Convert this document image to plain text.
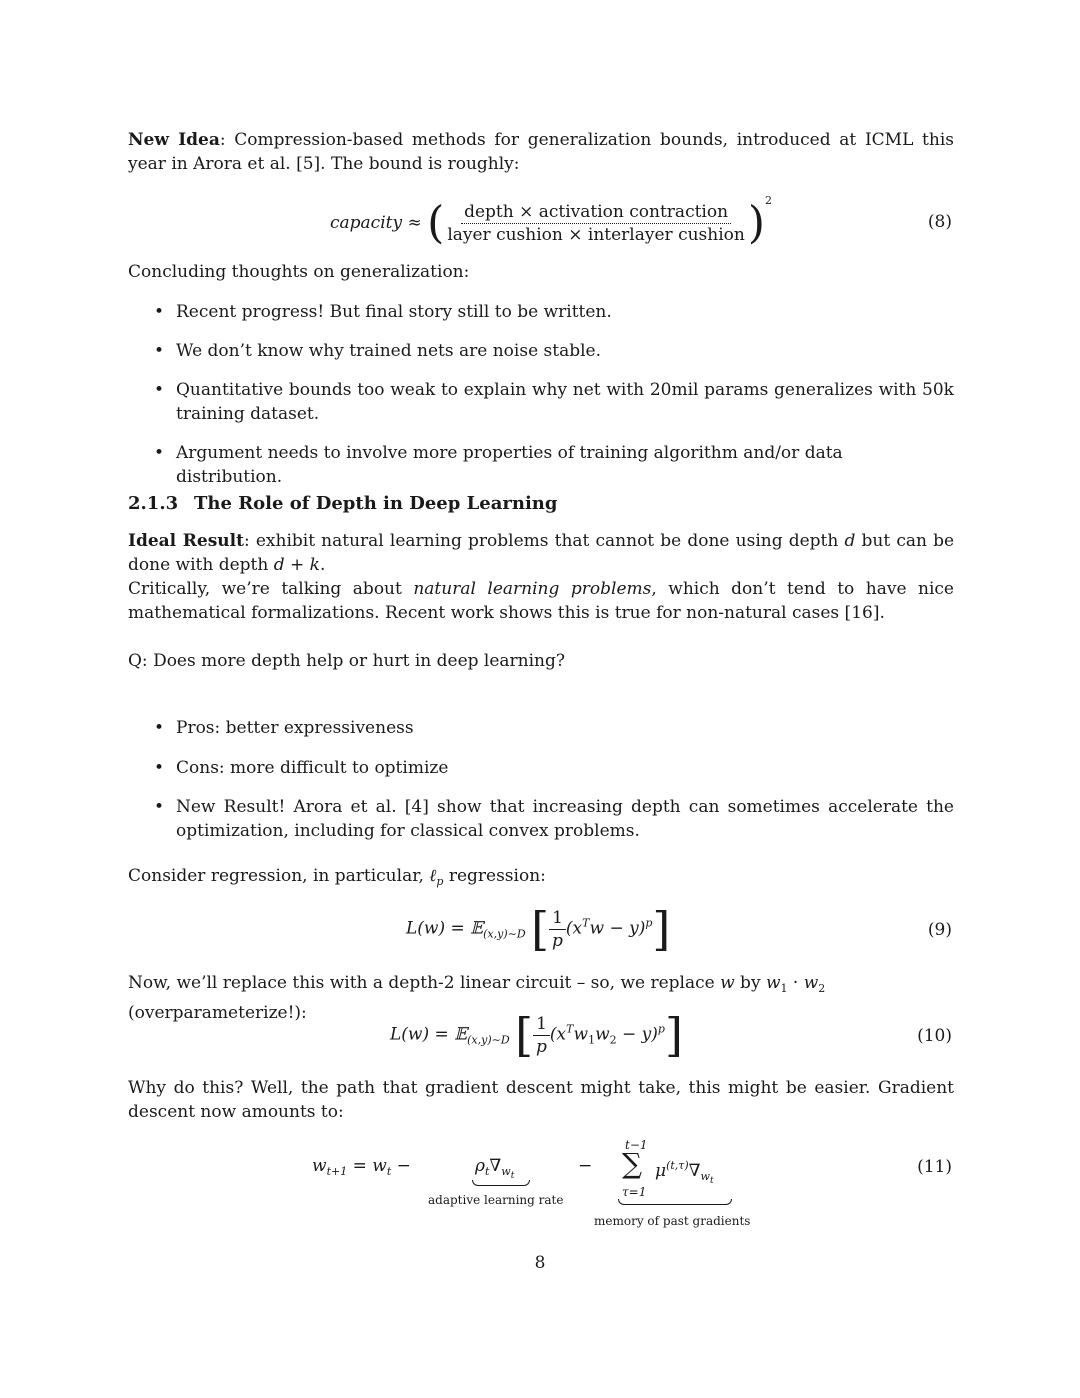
New Idea: Compression-based methods for generalization bounds, introduced at ICML this year in Arora et al. [5]. The bound is roughly:
capacity ≈ ( $\frac{\text{depth × activation contraction}}{\text{layer cushion × interlayer cushion}} )^2$
(8)
Concluding thoughts on generalization:
• Recent progress! But final story still to be written.
• We don’t know why trained nets are noise stable.
• Quantitative bounds too weak to explain why net with 20mil params generalizes with 50k training dataset.
• Argument needs to involve more properties of training algorithm and/or data distribution.
2.1.3 The Role of Depth in Deep Learning
Ideal Result: exhibit natural learning problems that cannot be done using depth d but can be done with depth d + k.
Critically, we’re talking about natural learning problems, which don’t tend to have nice mathematical formalizations. Recent work shows this is true for non-natural cases [16].
Q: Does more depth help or hurt in deep learning?
• Pros: better expressiveness
• Cons: more difficult to optimize
• New Result! Arora et al. [4] show that increasing depth can sometimes accelerate the optimization, including for classical convex problems.
Consider regression, in particular, ℓ$_p$ regression:
L(w) = 𝔼$_{(x,y)\sim D}$ [ $\frac{1}{p} (x^Tw - y)^p$]	(9)
Now, we’ll replace this with a depth-2 linear circuit – so, we replace w by $w_1 \cdot w_2$ (overparameterize!):
L(w) = 𝔼$_{(x,y)\sim D}$ [ $\frac{1}{p} (x^Tw_1w_2 - y)^p$]	(10)
Why do this? Well, the path that gradient descent might take, this might be easier. Gradient descent now amounts to:
$w_{t+1} = w_t$ −	$\rho_t\nabla_{wt}$
adaptive learning rate
−
t−1
∑
τ=1
$\mu^{(t,\tau)}\nabla_{wt}$
memory of past gradients
(11)
8
